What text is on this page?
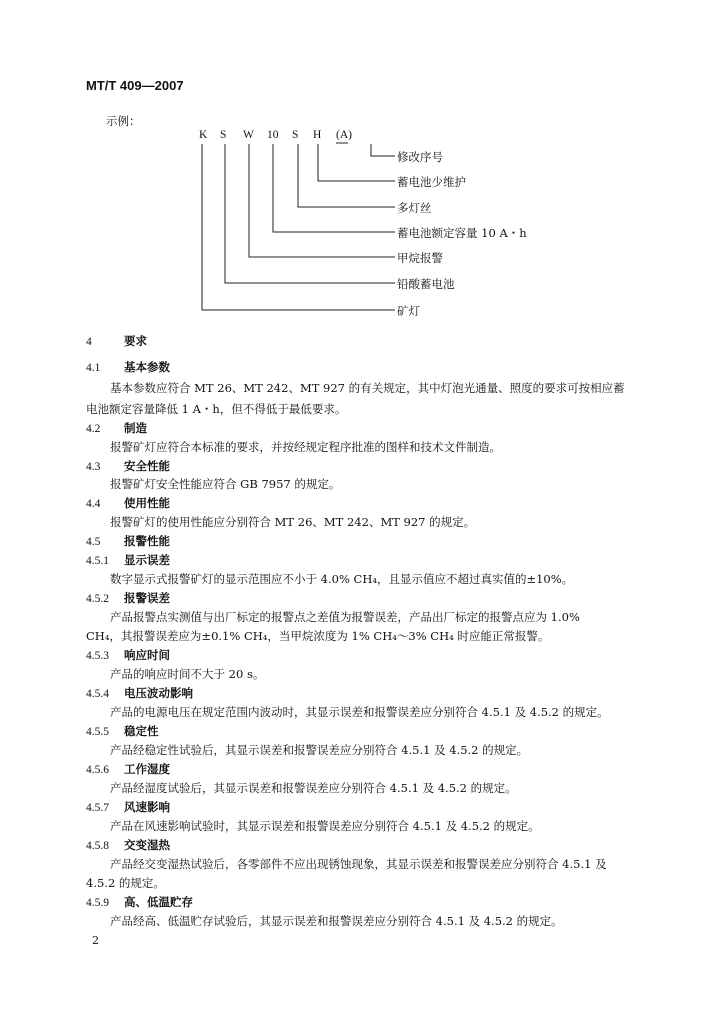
MT/T 409—2007
示例：
K S W 10 S H (A)
修改序号
蓄电池少维护
多灯丝
蓄电池额定容量 10 A・h
甲烷报警
铅酸蓄电池
矿灯
4	要求
4.1 基本参数
基本参数应符合 MT 26、MT 242、MT 927 的有关规定，其中灯泡光通量、照度的要求可按相应蓄
电池额定容量降低 1 A・h，但不得低于最低要求。
4.2 制造
报警矿灯应符合本标准的要求，并按经规定程序批准的图样和技术文件制造。
4.3 安全性能
报警矿灯安全性能应符合 GB 7957 的规定。
4.4 使用性能
报警矿灯的使用性能应分别符合 MT 26、MT 242、MT 927 的规定。
4.5 报警性能
4.5.1 显示误差
数字显示式报警矿灯的显示范围应不小于 4.0% CH₄，且显示值应不超过真实值的±10%。
4.5.2 报警误差
产品报警点实测值与出厂标定的报警点之差值为报警误差，产品出厂标定的报警点应为 1.0%
CH₄，其报警误差应为±0.1% CH₄，当甲烷浓度为 1% CH₄～3% CH₄ 时应能正常报警。
4.5.3 响应时间
产品的响应时间不大于 20 s。
4.5.4 电压波动影响
产品的电源电压在规定范围内波动时，其显示误差和报警误差应分别符合 4.5.1 及 4.5.2 的规定。
4.5.5 稳定性
产品经稳定性试验后，其显示误差和报警误差应分别符合 4.5.1 及 4.5.2 的规定。
4.5.6 工作湿度
产品经湿度试验后，其显示误差和报警误差应分别符合 4.5.1 及 4.5.2 的规定。
4.5.7 风速影响
产品在风速影响试验时，其显示误差和报警误差应分别符合 4.5.1 及 4.5.2 的规定。
4.5.8 交变湿热
产品经交变湿热试验后，各零部件不应出现锈蚀现象，其显示误差和报警误差应分别符合 4.5.1 及
4.5.2 的规定。
4.5.9 高、低温贮存
产品经高、低温贮存试验后，其显示误差和报警误差应分别符合 4.5.1 及 4.5.2 的规定。
2
